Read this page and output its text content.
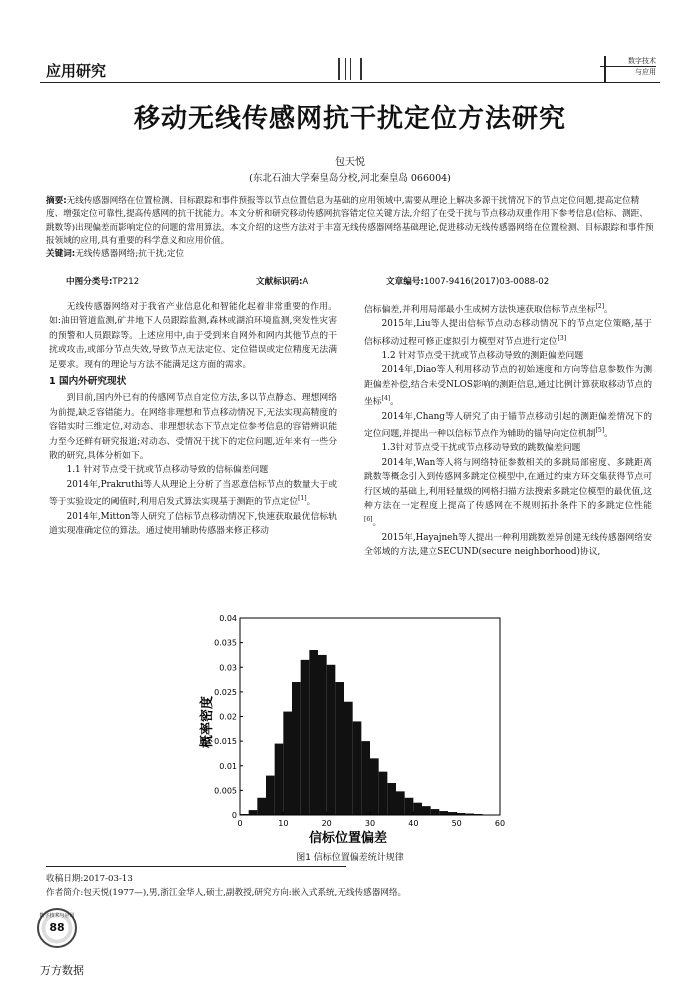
应用研究
数字技术
与应用
移动无线传感网抗干扰定位方法研究
包天悦
(东北石油大学秦皇岛分校,河北秦皇岛 066004)
摘要:无线传感器网络在位置检测、目标跟踪和事件预报等以节点位置信息为基础的应用领域中,需要从理论上解决多源干扰情况下的节点定位问题,提高定位精度、增强定位可靠性,提高传感网的抗干扰能力。本文分析和研究移动传感网抗容错定位关键方法,介绍了在受干扰与节点移动双重作用下参考信息(信标、测距、跳数等)出现偏差而影响定位的问题的常用算法。本文介绍的这些方法对于丰富无线传感器网络基础理论,促进移动无线传感器网络在位置检测、目标跟踪和事件预报领域的应用,具有重要的科学意义和应用价值。
关键词:无线传感器网络;抗干扰;定位
中图分类号:TP212	文献标识码:A	文章编号:1007-9416(2017)03-0088-02

无线传感器网络对于我省产业信息化和智能化起着非常重要的作用。如:油田管道监测,矿井地下人员跟踪监测,森林或湖泊环境监测,突发性灾害的预警和人员跟踪等。上述应用中,由于受到来自网外和网内其他节点的干扰或攻击,或部分节点失效,导致节点无法定位、定位错误或定位精度无法满足要求。现有的理论与方法不能满足这方面的需求。

1 国内外研究现状

到目前,国内外已有的传感网节点自定位方法,多以节点静态、理想网络为前提,缺乏容错能力。在网络非理想和节点移动情况下,无法实现高精度的容错实时三维定位,对动态、非理想状态下节点定位参考信息的容错辨识能力至今还鲜有研究报道;对动态、受情况干扰下的定位问题,近年来有一些分散的研究,具体分析如下。

1.1 针对节点受干扰或节点移动导致的信标偏差问题

2014年,Prakruthi等人从理论上分析了当恶意信标节点的数量大于或等于实验设定的阈值时,利用启发式算法实现基于测距的节点定位[1]。

2014年,Mitton等人研究了信标节点移动情况下,快速获取最优信标轨道实现准确定位的算法。通过使用辅助传感器来修正移动

信标偏差,并利用局部最小生成树方法快速获取信标节点坐标[2]。

2015年,Liu等人提出信标节点动态移动情况下的节点定位策略,基于信标移动过程可修正虚拟引力模型对节点进行定位[3]

1.2 针对节点受干扰或节点移动导致的测距偏差问题

2014年,Diao等人利用移动节点的初始速度和方向等信息参数作为测距偏差补偿,结合未受NLOS影响的测距信息,通过比例计算获取移动节点的坐标[4]。

2014年,Chang等人研究了由于锚节点移动引起的测距偏差情况下的定位问题,并提出一种以信标节点作为辅助的锚导向定位机制[5]。

1.3针对节点受干扰或节点移动导致的跳数偏差问题

2014年,Wan等人将与网络特征参数相关的多跳局部密度、多跳距离跳数等概念引入到传感网多跳定位模型中,在通过约束方环交集获得节点可行区域的基础上,利用轻量级的网格扫描方法搜索多跳定位模型的最优值,这种方法在一定程度上提高了传感网在不规则拓扑条件下的多跳定位性能[6]。

2015年,Hayajneh等人提出一种利用跳数差异创建无线传感器网络安全邻域的方法,建立SECUND(secure neighborhood)协议,

0	10	20	30	40	50	60
0
0.005
0.01
0.015
0.02
0.025
0.03
0.035
0.04
信标位置偏差
概率密度
图1 信标位置偏差统计规律
收稿日期:2017-03-13
作者简介:包天悦(1977—),男,浙江金华人,硕士,副教授,研究方向:嵌入式系统,无线传感器网络。
数字技术与应用
88
万方数据
